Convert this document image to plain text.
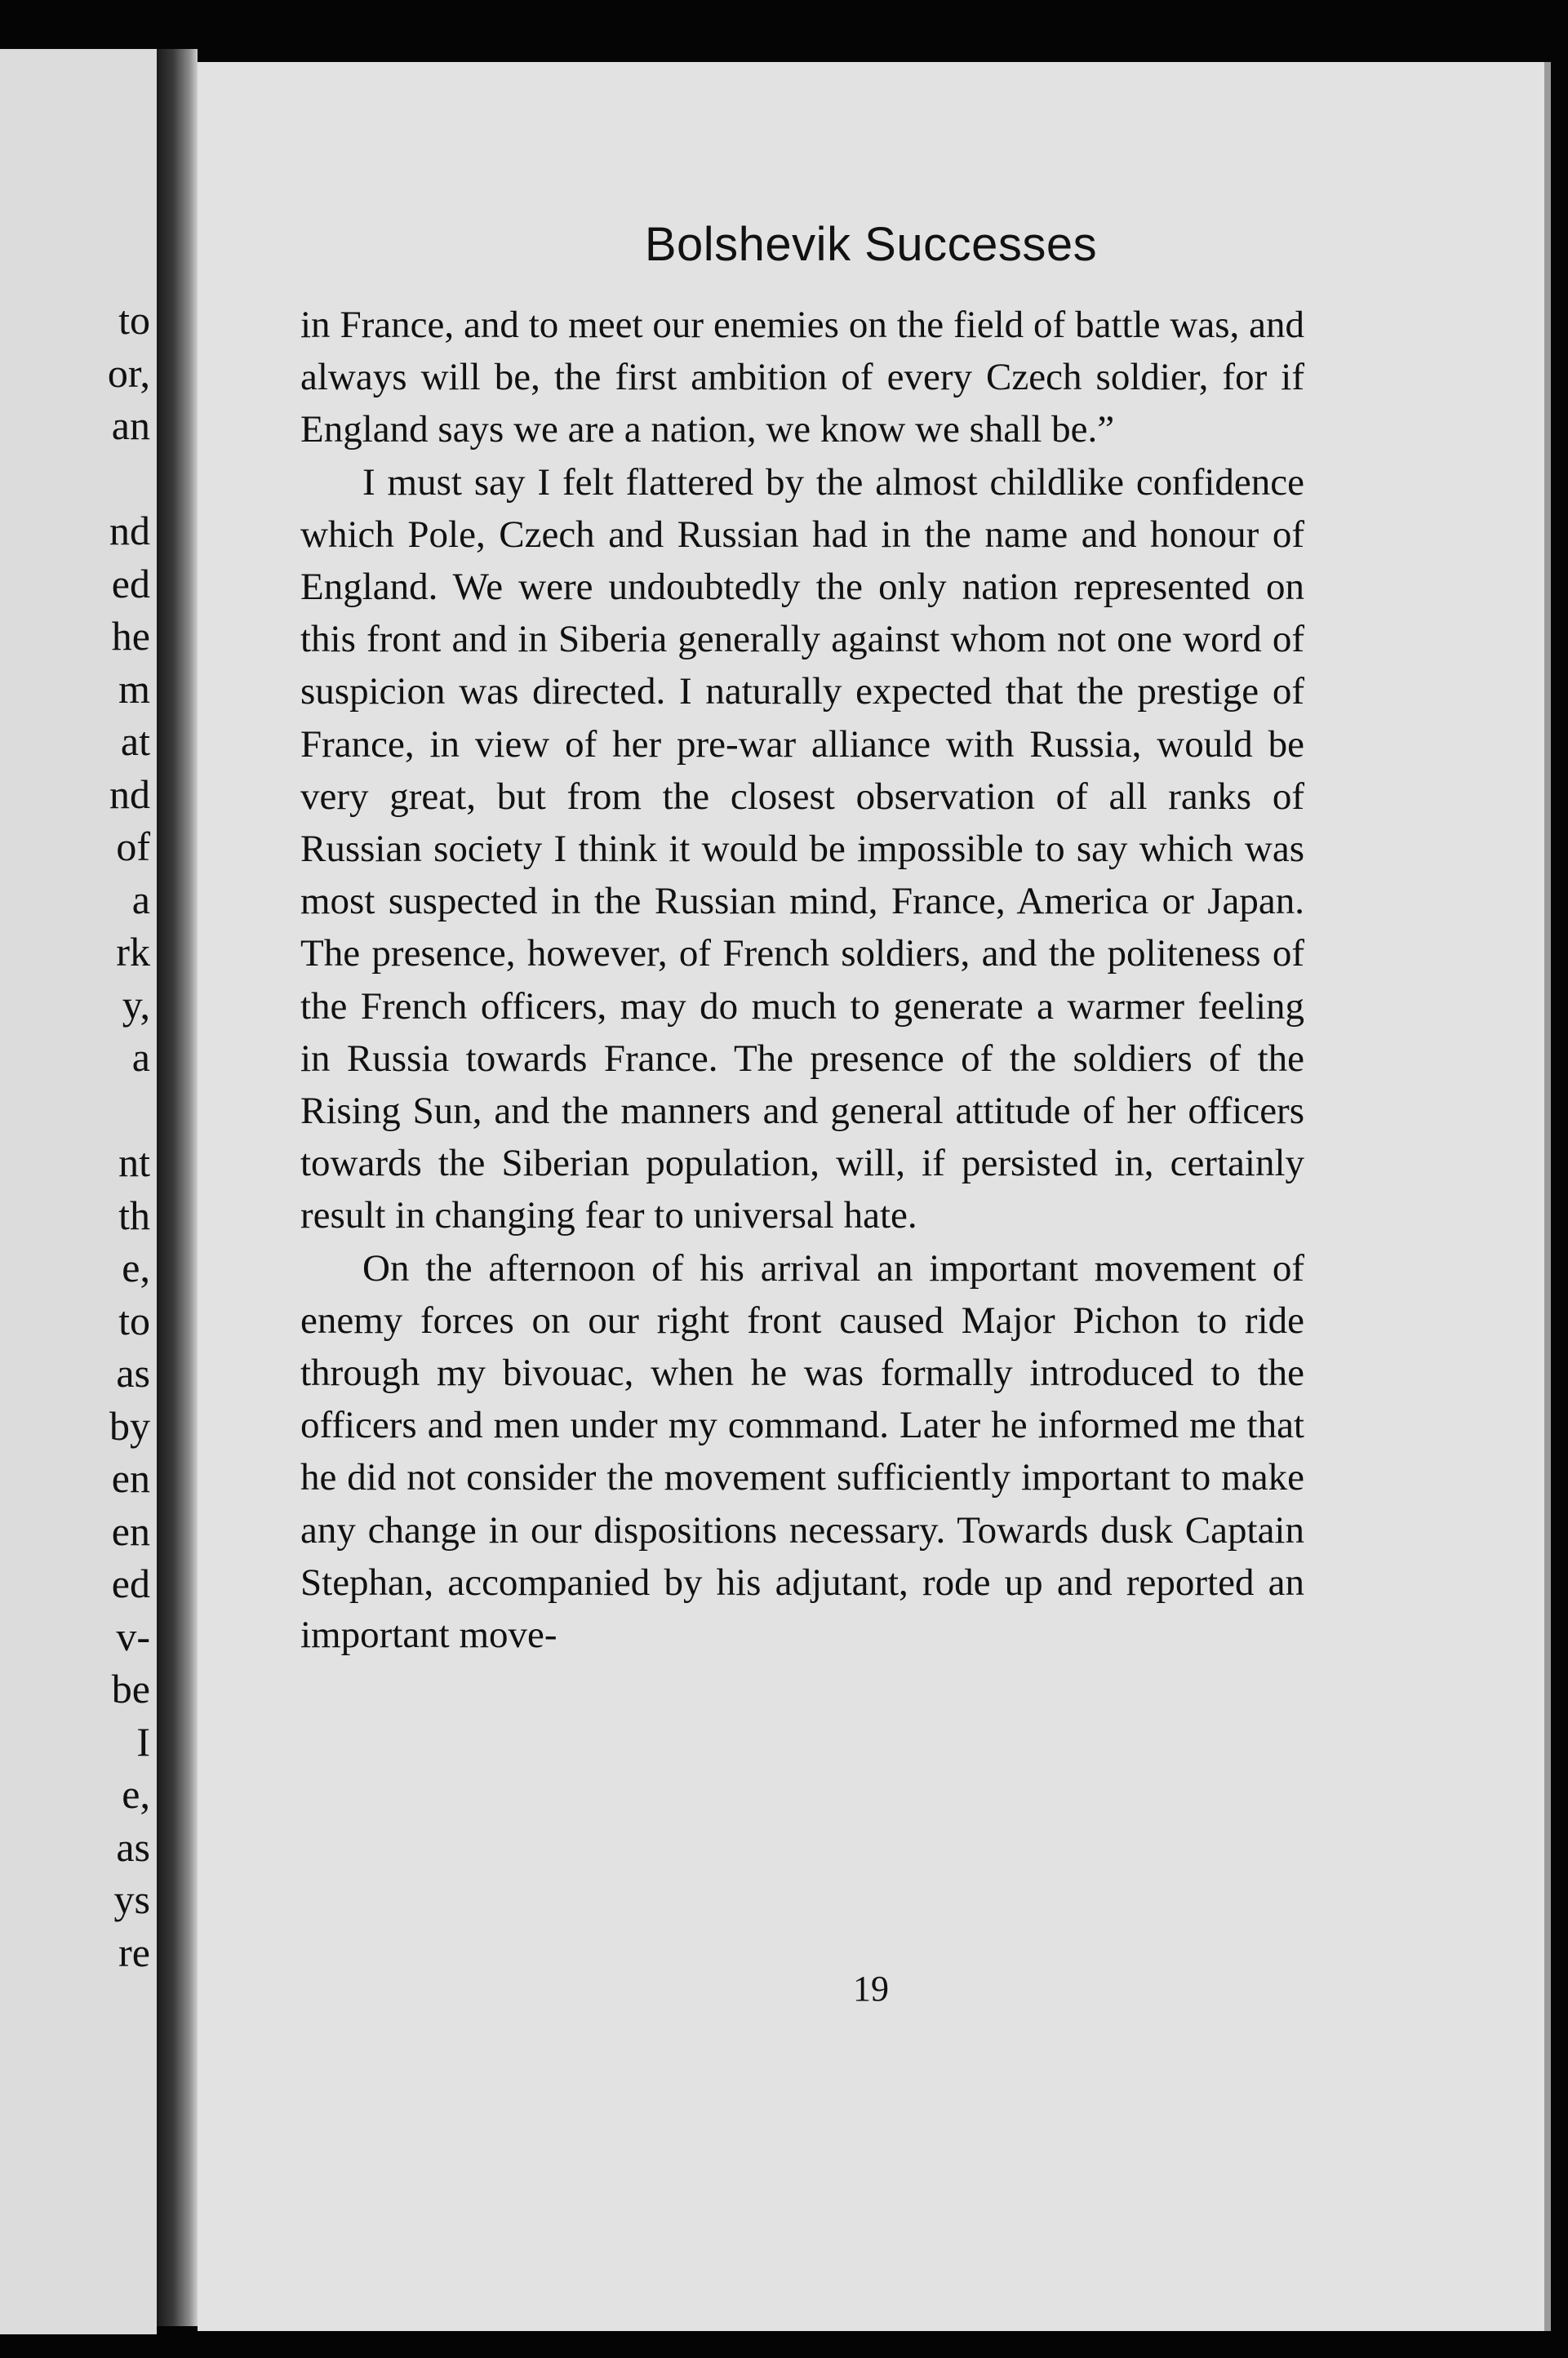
to
or,
an

nd
ed
he
m
at
nd
of
a
rk
y,
a

nt
th
e,
to
as
by
en
en
ed
v-
be
I
e,
as
ys
re
Bolshevik Successes

in France, and to meet our enemies on the field of battle was, and always will be, the first ambition of every Czech soldier, for if England says we are a nation, we know we shall be.”

I must say I felt flattered by the almost childlike confidence which Pole, Czech and Russian had in the name and honour of England. We were undoubtedly the only nation represented on this front and in Siberia generally against whom not one word of suspicion was directed. I naturally expected that the prestige of France, in view of her pre-war alliance with Russia, would be very great, but from the closest observation of all ranks of Russian society I think it would be impossible to say which was most suspected in the Russian mind, France, America or Japan. The presence, however, of French soldiers, and the politeness of the French officers, may do much to generate a warmer feeling in Russia towards France. The presence of the soldiers of the Rising Sun, and the manners and general attitude of her officers towards the Siberian population, will, if persisted in, certainly result in changing fear to universal hate.

On the afternoon of his arrival an important movement of enemy forces on our right front caused Major Pichon to ride through my bivouac, when he was formally introduced to the officers and men under my command. Later he informed me that he did not consider the movement sufficiently important to make any change in our dispositions necessary. Towards dusk Captain Stephan, accompanied by his adjutant, rode up and reported an important move-

19
